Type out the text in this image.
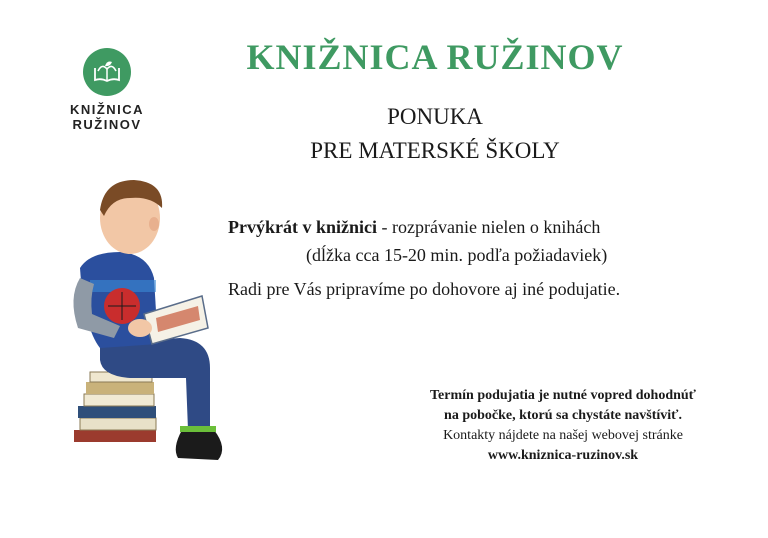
KNIŽNICA
RUŽINOV
KNIŽNICA RUŽINOV
PONUKA
PRE MATERSKÉ ŠKOLY
Prvýkrát v knižnici - rozprávanie nielen o knihách
(dĺžka cca 15-20 min. podľa požiadaviek)
Radi pre Vás pripravíme po dohovore aj iné podujatie.
Termín podujatia je nutné vopred dohodnúť
na pobočke, ktorú sa chystáte navštíviť.
Kontakty nájdete na našej webovej stránke
www.kniznica-ruzinov.sk
